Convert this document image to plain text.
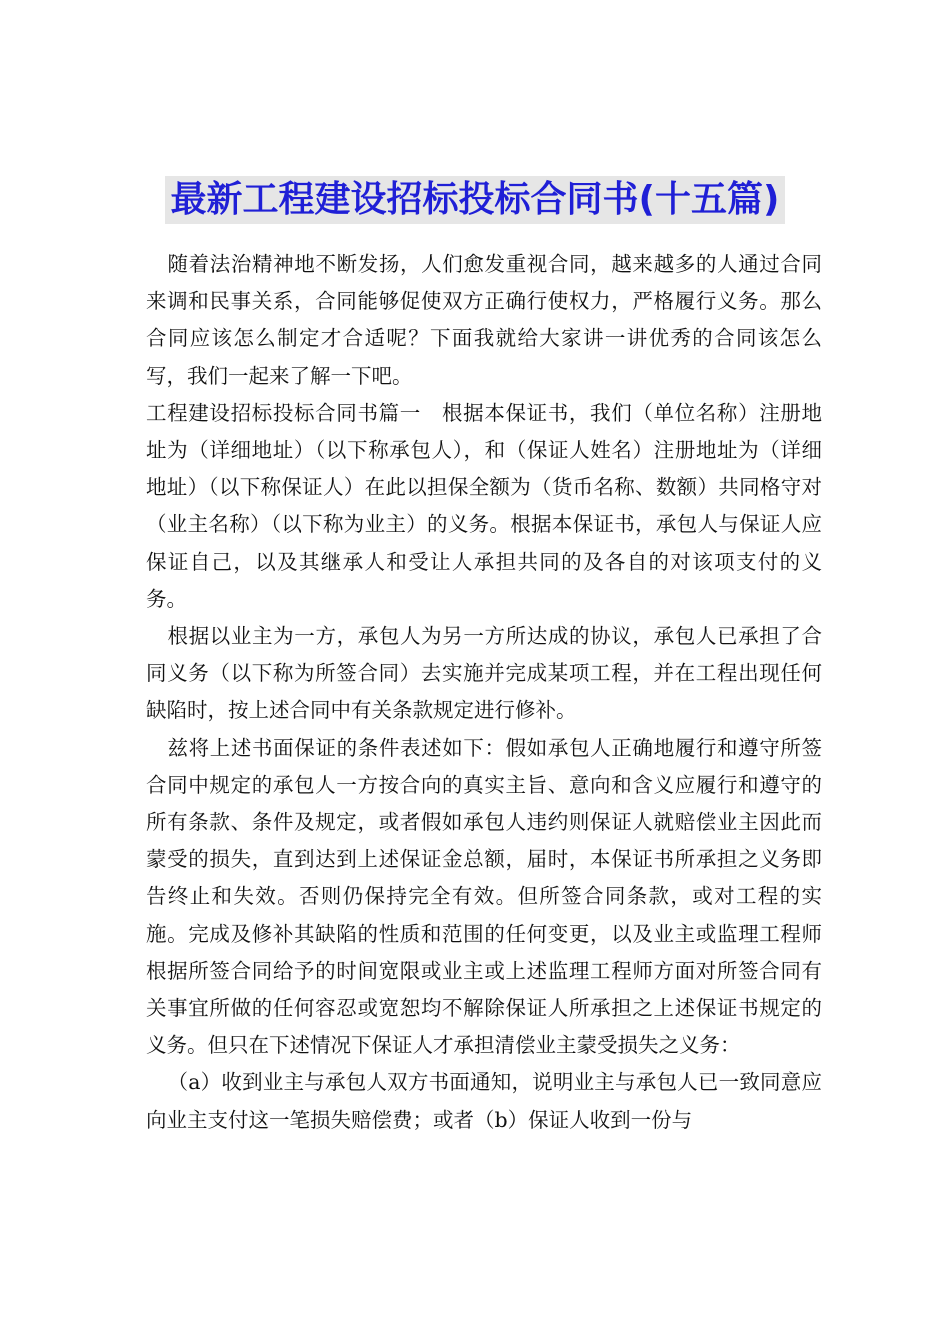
最新工程建设招标投标合同书(十五篇)

随着法治精神地不断发扬，人们愈发重视合同，越来越多的人通过合同来调和民事关系，合同能够促使双方正确行使权力，严格履行义务。那么合同应该怎么制定才合适呢？下面我就给大家讲一讲优秀的合同该怎么写，我们一起来了解一下吧。

工程建设招标投标合同书篇一　根据本保证书，我们（单位名称）注册地址为（详细地址）（以下称承包人），和（保证人姓名）注册地址为（详细地址）（以下称保证人）在此以担保全额为（货币名称、数额）共同格守对（业主名称）（以下称为业主）的义务。根据本保证书，承包人与保证人应保证自己，以及其继承人和受让人承担共同的及各自的对该项支付的义务。

根据以业主为一方，承包人为另一方所达成的协议，承包人已承担了合同义务（以下称为所签合同）去实施并完成某项工程，并在工程出现任何缺陷时，按上述合同中有关条款规定进行修补。

兹将上述书面保证的条件表述如下：假如承包人正确地履行和遵守所签合同中规定的承包人一方按合向的真实主旨、意向和含义应履行和遵守的所有条款、条件及规定，或者假如承包人违约则保证人就赔偿业主因此而蒙受的损失，直到达到上述保证金总额，届时，本保证书所承担之义务即告终止和失效。否则仍保持完全有效。但所签合同条款，或对工程的实施。完成及修补其缺陷的性质和范围的任何变更，以及业主或监理工程师根据所签合同给予的时间宽限或业主或上述监理工程师方面对所签合同有关事宜所做的任何容忍或宽恕均不解除保证人所承担之上述保证书规定的义务。但只在下述情况下保证人才承担清偿业主蒙受损失之义务：

（a）收到业主与承包人双方书面通知，说明业主与承包人已一致同意应向业主支付这一笔损失赔偿费；或者（b）保证人收到一份与
